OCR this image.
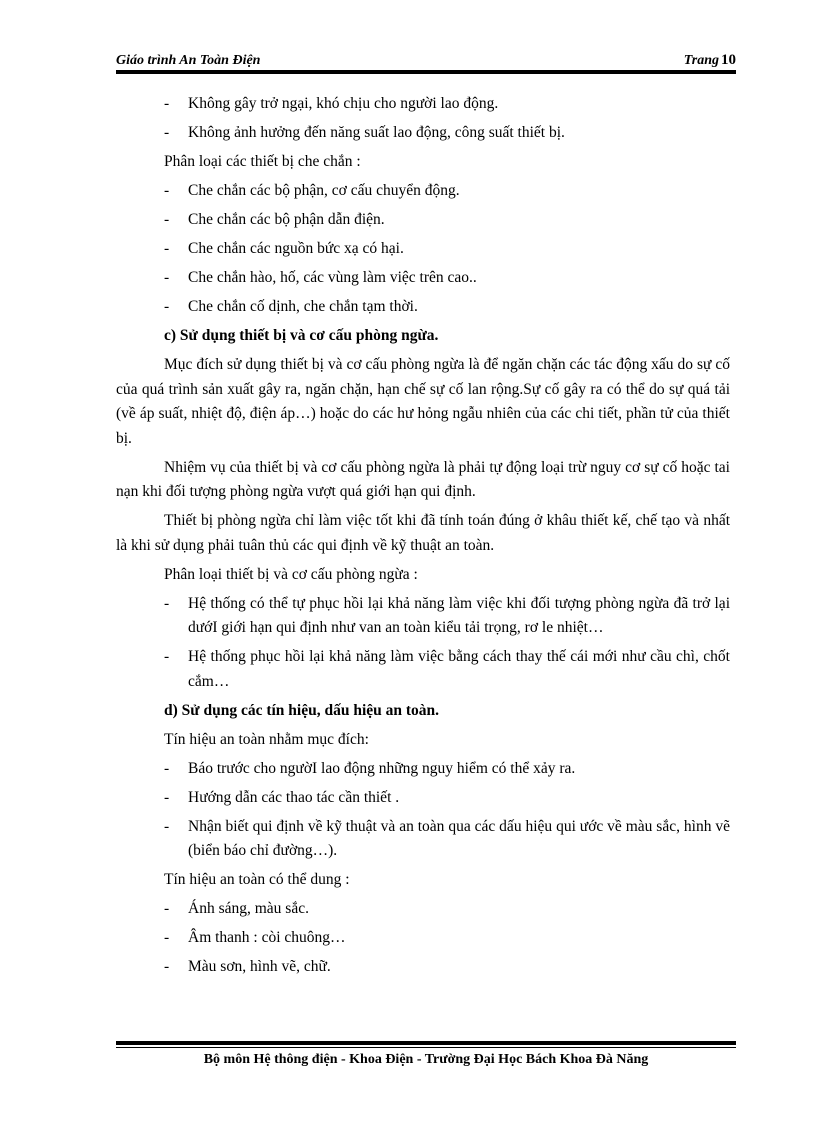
Giáo trình An Toàn Điện	Trang 10
-	Không gây trở ngại, khó chịu cho người lao động.
-	Không ảnh hưởng đến năng suất lao động, công suất thiết bị.

Phân loại các thiết bị che chắn :

-	Che chắn các bộ phận, cơ cấu chuyển động.
-	Che chắn các bộ phận dẫn điện.
-	Che chắn các nguồn bức xạ có hại.
-	Che chắn hào, hố, các vùng làm việc trên cao..
-	Che chắn cố dịnh, che chắn tạm thời.

c) Sử dụng thiết bị và cơ cấu phòng ngừa.

Mục đích sử dụng thiết bị và cơ cấu phòng ngừa là để ngăn chặn các tác động xấu do sự cố của quá trình sản xuất gây ra, ngăn chặn, hạn chế sự cố lan rộng.Sự cố gây ra có thể do sự quá tải (về áp suất, nhiệt độ, điện áp…) hoặc do các hư hỏng ngẫu nhiên của các chi tiết, phần tử của thiết bị.

Nhiệm vụ của thiết bị và cơ cấu phòng ngừa là phải tự động loại trừ nguy cơ sự cố hoặc tai nạn khi đối tượng phòng ngừa vượt quá giới hạn qui định.

Thiết bị phòng ngừa chỉ làm việc tốt khi đã tính toán đúng ở khâu thiết kế, chế tạo và nhất là khi sử dụng phải tuân thủ các qui định về kỹ thuật an toàn.

Phân loại thiết bị và cơ cấu phòng ngừa :

-	Hệ thống có thể tự phục hồi lại khả năng làm việc khi đối tượng phòng ngừa đã trở lại dướI giới hạn qui định như van an toàn kiểu tải trọng, rơ le nhiệt…
-	Hệ thống phục hồi lại khả năng làm việc bằng cách thay thế cái mới như cầu chì, chốt cắm…

d) Sử dụng các tín hiệu, dấu hiệu an toàn.

Tín hiệu an toàn nhằm mục đích:

-	Báo trước cho ngườI lao động những nguy hiểm có thể xảy ra.
-	Hướng dẫn các thao tác cần thiết .
-	Nhận biết qui định về kỹ thuật và an toàn qua các dấu hiệu qui ước về màu sắc, hình vẽ (biển báo chỉ đường…).

Tín hiệu an toàn có thể dung :

-	Ánh sáng, màu sắc.
-	Âm thanh : còi chuông…
-	Màu sơn, hình vẽ, chữ.
Bộ môn Hệ thông điện - Khoa Điện - Trường Đại Học Bách Khoa Đà Năng
